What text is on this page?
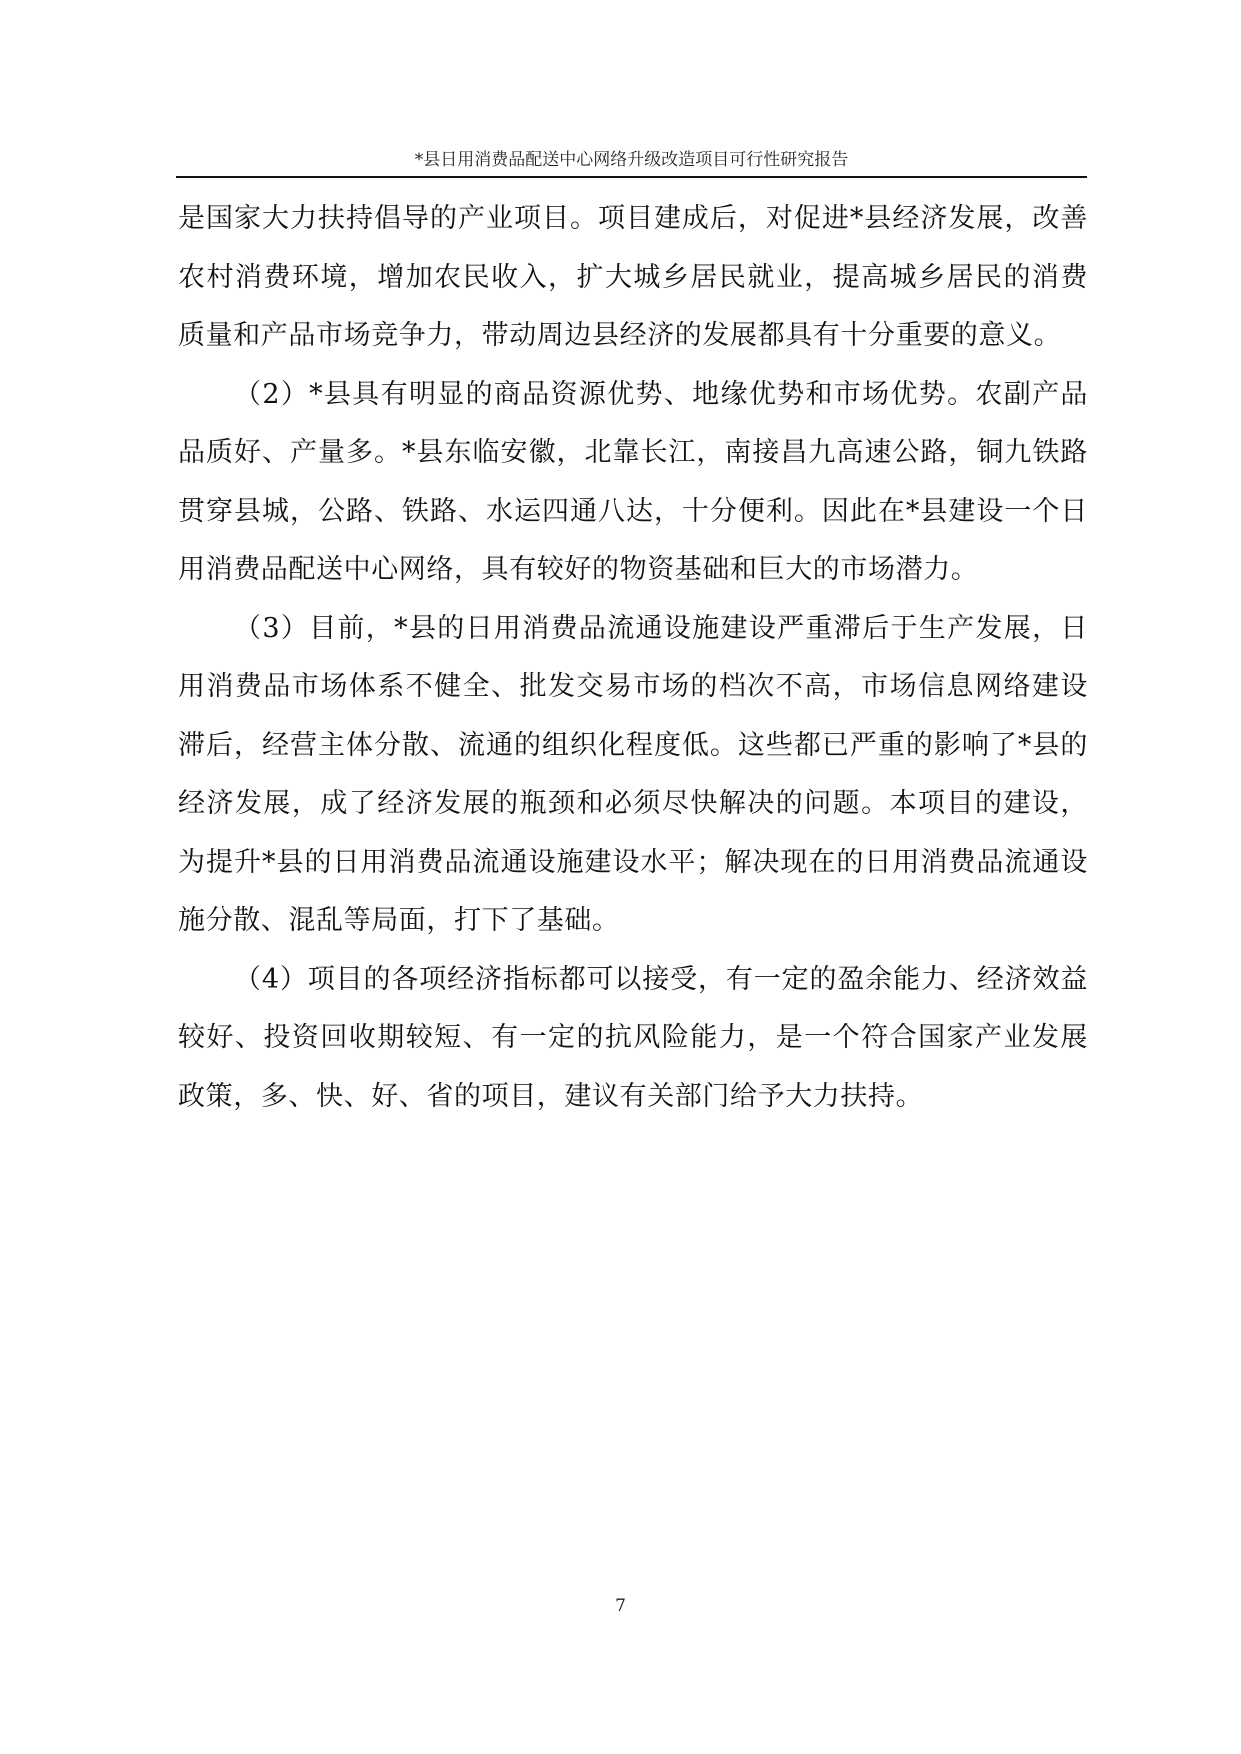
*县日用消费品配送中心网络升级改造项目可行性研究报告

是国家大力扶持倡导的产业项目。项目建成后，对促进*县经济发展，改善农村消费环境，增加农民收入，扩大城乡居民就业，提高城乡居民的消费质量和产品市场竞争力，带动周边县经济的发展都具有十分重要的意义。

（2）*县具有明显的商品资源优势、地缘优势和市场优势。农副产品品质好、产量多。*县东临安徽，北靠长江，南接昌九高速公路，铜九铁路贯穿县城，公路、铁路、水运四通八达，十分便利。因此在*县建设一个日用消费品配送中心网络，具有较好的物资基础和巨大的市场潜力。

（3）目前，*县的日用消费品流通设施建设严重滞后于生产发展，日用消费品市场体系不健全、批发交易市场的档次不高，市场信息网络建设滞后，经营主体分散、流通的组织化程度低。这些都已严重的影响了*县的经济发展，成了经济发展的瓶颈和必须尽快解决的问题。本项目的建设，为提升*县的日用消费品流通设施建设水平；解决现在的日用消费品流通设施分散、混乱等局面，打下了基础。

（4）项目的各项经济指标都可以接受，有一定的盈余能力、经济效益较好、投资回收期较短、有一定的抗风险能力，是一个符合国家产业发展政策，多、快、好、省的项目，建议有关部门给予大力扶持。

7
